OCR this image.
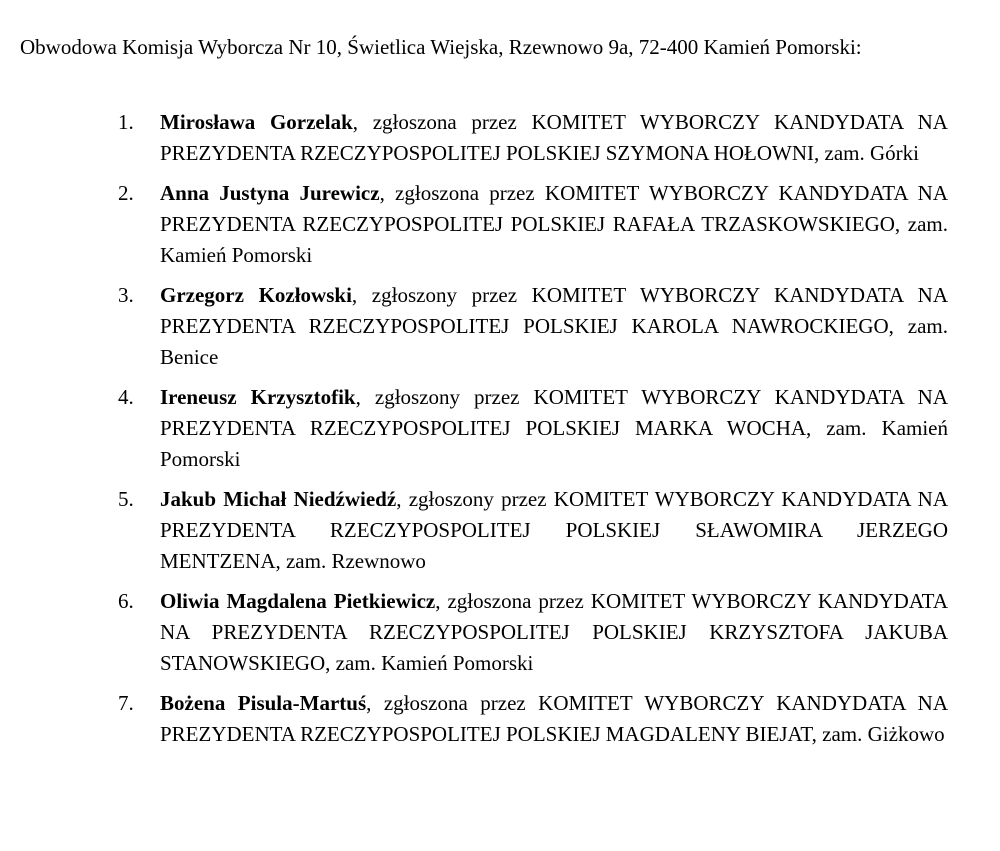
Obwodowa Komisja Wyborcza Nr 10, Świetlica Wiejska, Rzewnowo 9a, 72-400 Kamień Pomorski:
1. Mirosława Gorzelak, zgłoszona przez KOMITET WYBORCZY KANDYDATA NA PREZYDENTA RZECZYPOSPOLITEJ POLSKIEJ SZYMONA HOŁOWNI, zam. Górki
2. Anna Justyna Jurewicz, zgłoszona przez KOMITET WYBORCZY KANDYDATA NA PREZYDENTA RZECZYPOSPOLITEJ POLSKIEJ RAFAŁA TRZASKOWSKIEGO, zam. Kamień Pomorski
3. Grzegorz Kozłowski, zgłoszony przez KOMITET WYBORCZY KANDYDATA NA PREZYDENTA RZECZYPOSPOLITEJ POLSKIEJ KAROLA NAWROCKIEGO, zam. Benice
4. Ireneusz Krzysztofik, zgłoszony przez KOMITET WYBORCZY KANDYDATA NA PREZYDENTA RZECZYPOSPOLITEJ POLSKIEJ MARKA WOCHA, zam. Kamień Pomorski
5. Jakub Michał Niedźwiedź, zgłoszony przez KOMITET WYBORCZY KANDYDATA NA PREZYDENTA RZECZYPOSPOLITEJ POLSKIEJ SŁAWOMIRA JERZEGO MENTZENA, zam. Rzewnowo
6. Oliwia Magdalena Pietkiewicz, zgłoszona przez KOMITET WYBORCZY KANDYDATA NA PREZYDENTA RZECZYPOSPOLITEJ POLSKIEJ KRZYSZTOFA JAKUBA STANOWSKIEGO, zam. Kamień Pomorski
7. Bożena Pisula-Martuś, zgłoszona przez KOMITET WYBORCZY KANDYDATA NA PREZYDENTA RZECZYPOSPOLITEJ POLSKIEJ MAGDALENY BIEJAT, zam. Giżkowo
